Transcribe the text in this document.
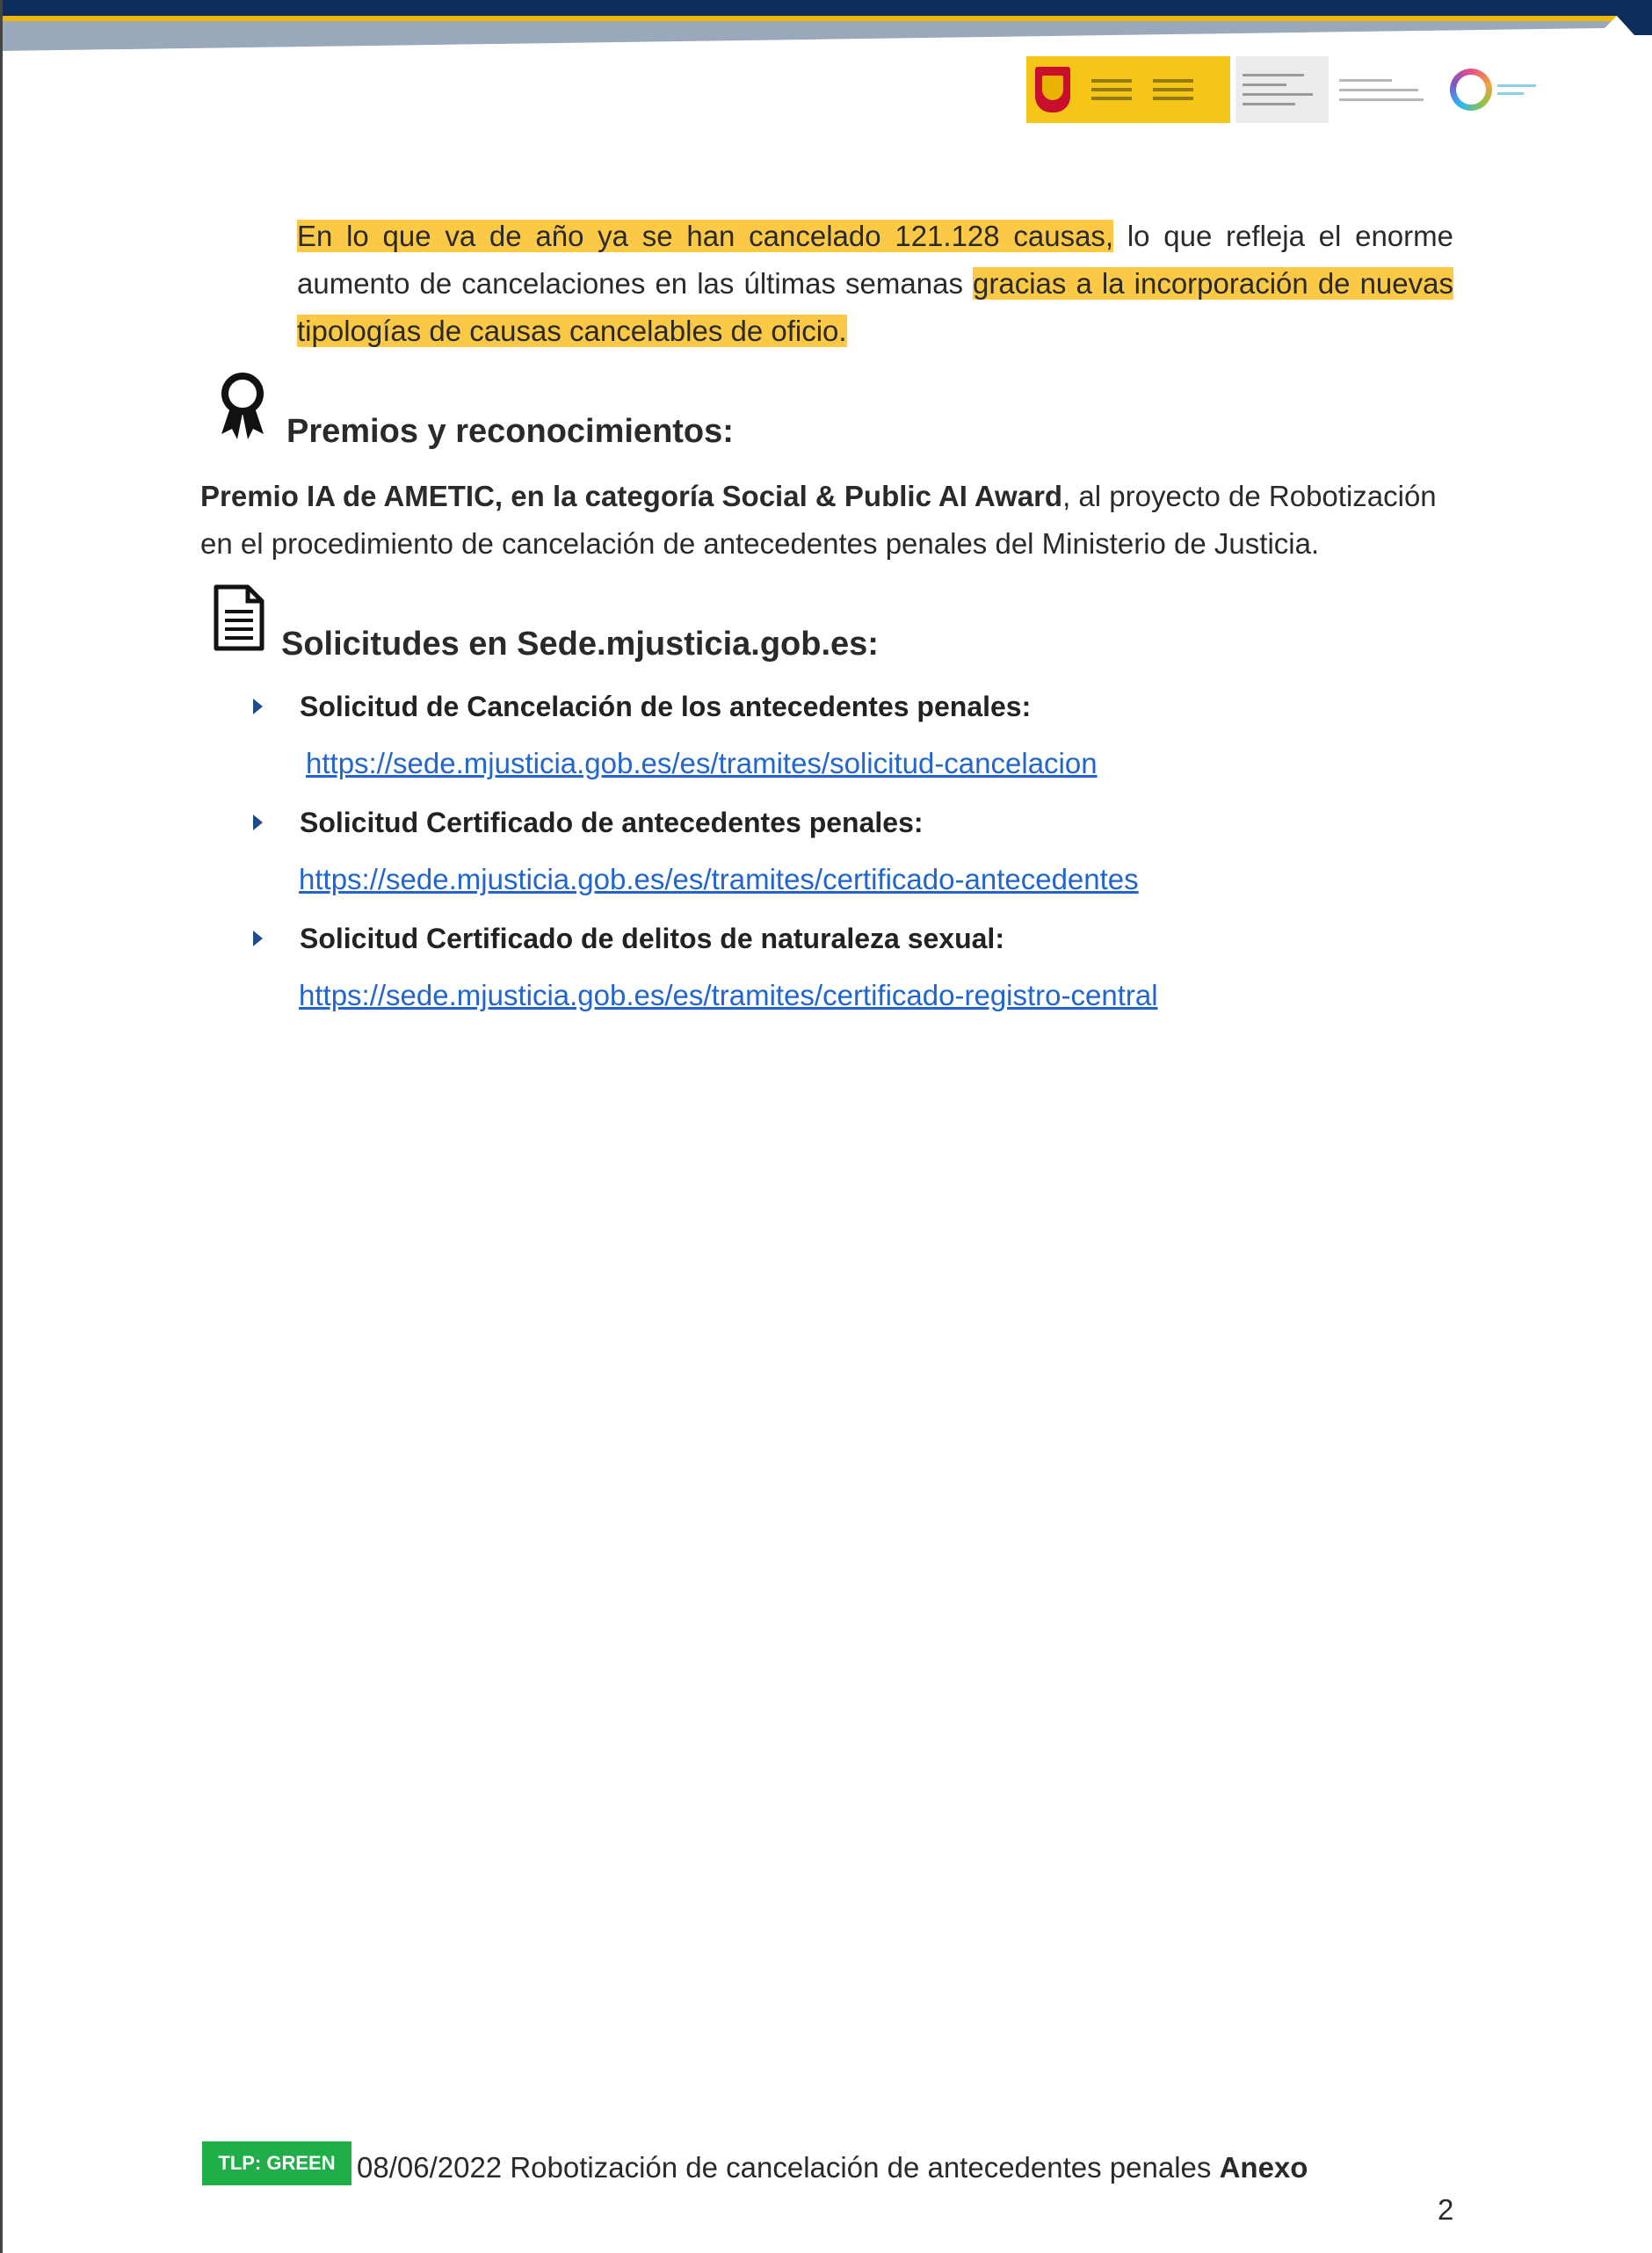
En lo que va de año ya se han cancelado 121.128 causas, lo que refleja el enorme aumento de cancelaciones en las últimas semanas gracias a la incorporación de nuevas tipologías de causas cancelables de oficio.
Premios y reconocimientos:
Premio IA de AMETIC, en la categoría Social & Public AI Award, al proyecto de Robotización en el procedimiento de cancelación de antecedentes penales del Ministerio de Justicia.
Solicitudes en Sede.mjusticia.gob.es:
Solicitud de Cancelación de los antecedentes penales:
https://sede.mjusticia.gob.es/es/tramites/solicitud-cancelacion
Solicitud Certificado de antecedentes penales:
https://sede.mjusticia.gob.es/es/tramites/certificado-antecedentes
Solicitud Certificado de delitos de naturaleza sexual:
https://sede.mjusticia.gob.es/es/tramites/certificado-registro-central
TLP: GREEN 08/06/2022 Robotización de cancelación de antecedentes penales Anexo
2
